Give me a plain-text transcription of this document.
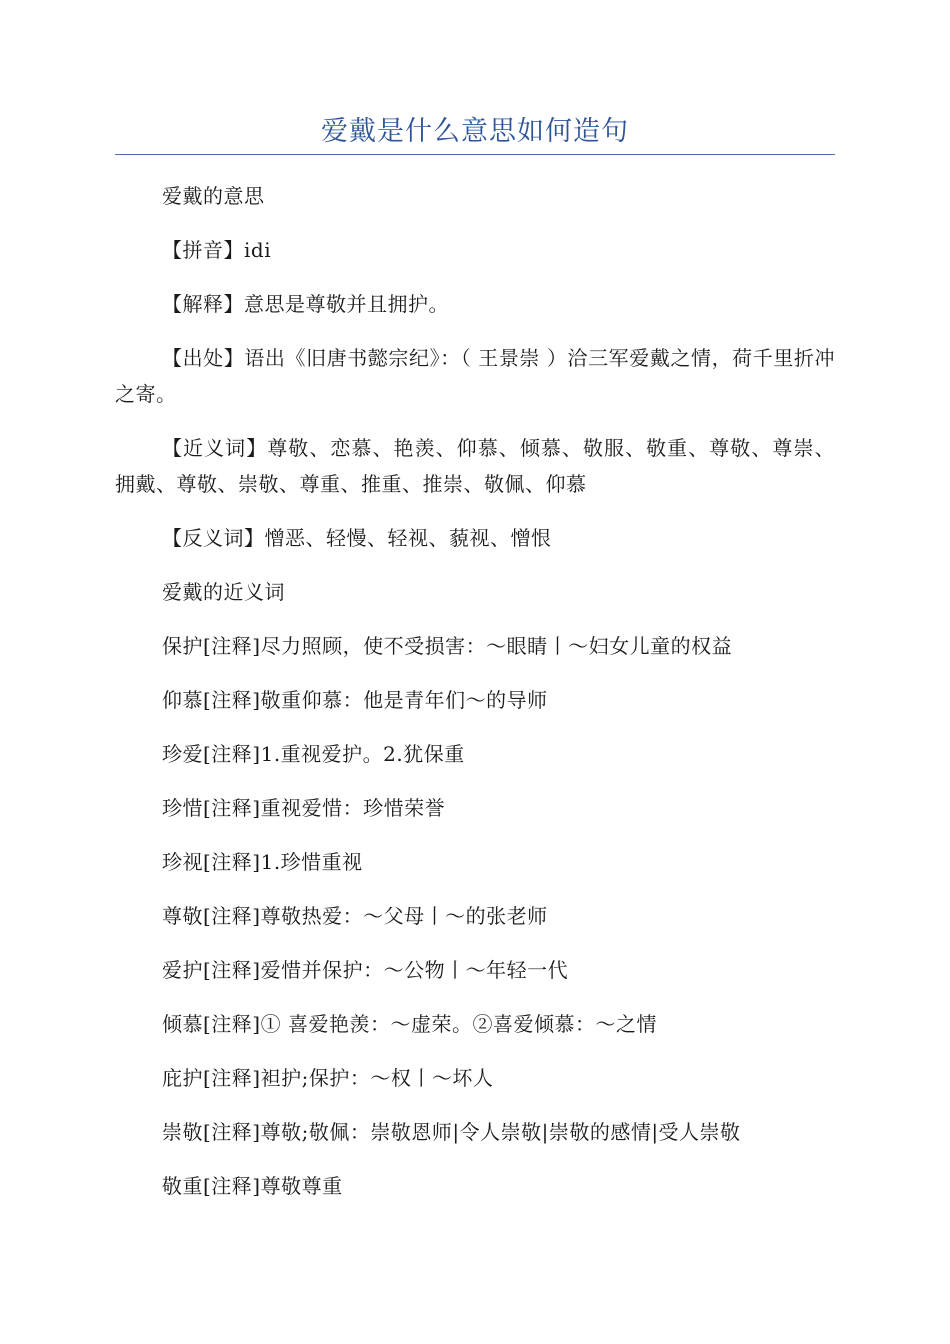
爱戴是什么意思如何造句

爱戴的意思

【拼音】idi

【解释】意思是尊敬并且拥护。

【出处】语出《旧唐书懿宗纪》：（ 王景崇 ）洽三军爱戴之情，荷千里折冲之寄。

【近义词】尊敬、恋慕、艳羡、仰慕、倾慕、敬服、敬重、尊敬、尊崇、拥戴、尊敬、崇敬、尊重、推重、推崇、敬佩、仰慕

【反义词】憎恶、轻慢、轻视、藐视、憎恨

爱戴的近义词

保护[注释]尽力照顾，使不受损害：～眼睛丨～妇女儿童的权益

仰慕[注释]敬重仰慕：他是青年们～的导师

珍爱[注释]1.重视爱护。2.犹保重

珍惜[注释]重视爱惜：珍惜荣誉

珍视[注释]1.珍惜重视

尊敬[注释]尊敬热爱：～父母丨～的张老师

爱护[注释]爱惜并保护：～公物丨～年轻一代

倾慕[注释]① 喜爱艳羡：～虚荣。②喜爱倾慕：～之情

庇护[注释]袒护;保护：～权丨～坏人

崇敬[注释]尊敬;敬佩：崇敬恩师|令人崇敬|崇敬的感情|受人崇敬

敬重[注释]尊敬尊重
